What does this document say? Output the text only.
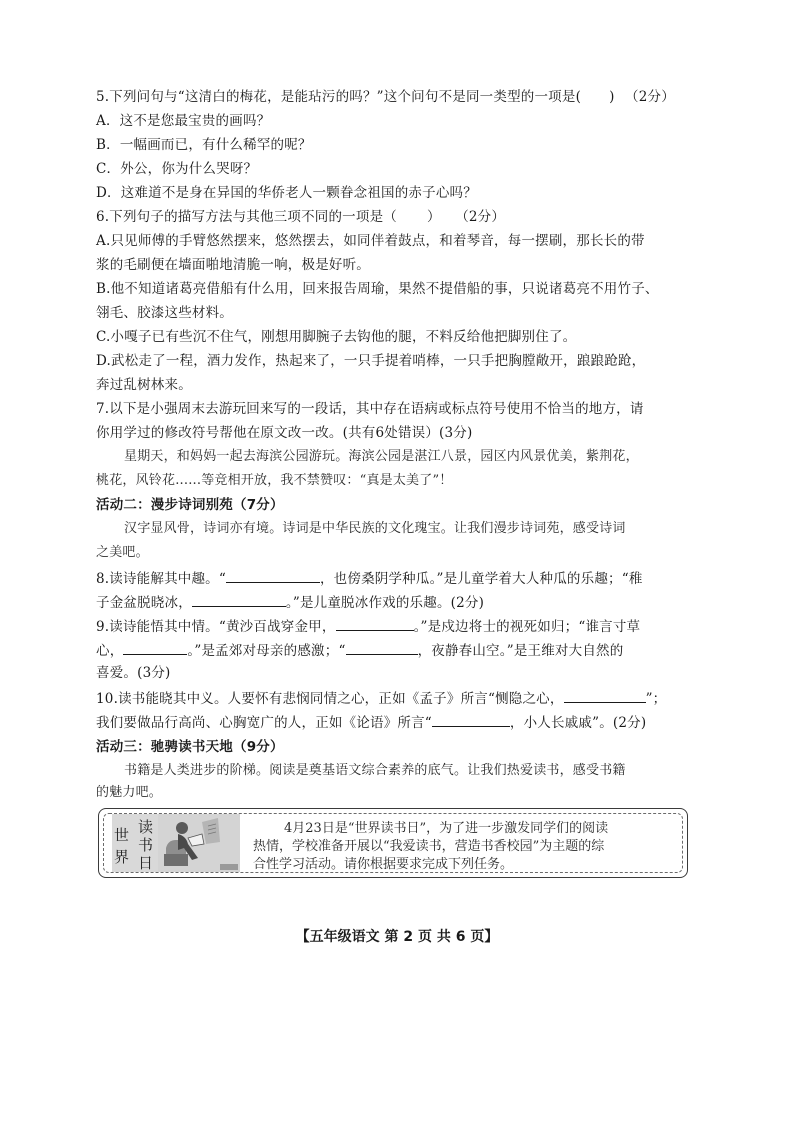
5.下列问句与“这清白的梅花，是能玷污的吗？”这个问句不是同一类型的一项是( ) （2分）
A．这不是您最宝贵的画吗？
B．一幅画而已，有什么稀罕的呢？
C．外公，你为什么哭呀？
D．这难道不是身在异国的华侨老人一颗眷念祖国的赤子心吗？
6.下列句子的描写方法与其他三项不同的一项是（ ） （2分）
A.只见师傅的手臂悠然摆来，悠然摆去，如同伴着鼓点，和着琴音，每一摆刷，那长长的带
浆的毛刷便在墙面啪地清脆一响，极是好听。
B.他不知道诸葛亮借船有什么用，回来报告周瑜，果然不提借船的事，只说诸葛亮不用竹子、
翎毛、胶漆这些材料。
C.小嘎子已有些沉不住气，刚想用脚腕子去钩他的腿，不料反给他把脚别住了。
D.武松走了一程，酒力发作，热起来了，一只手提着哨棒，一只手把胸膛敞开，踉踉跄跄，
奔过乱树林来。
7.以下是小强周末去游玩回来写的一段话，其中存在语病或标点符号使用不恰当的地方，请
你用学过的修改符号帮他在原文改一改。(共有6处错误）(3分)
星期天，和妈妈一起去海滨公园游玩。海滨公园是湛江八景，园区内风景优美，紫荆花，
桃花，风铃花......等竞相开放，我不禁赞叹：“真是太美了”！
活动二：漫步诗词别苑（7分）
汉字显风骨，诗词亦有境。诗词是中华民族的文化瑰宝。让我们漫步诗词苑，感受诗词
之美吧。
8.读诗能解其中趣。“	，也傍桑阴学种瓜。”是儿童学着大人种瓜的乐趣；“稚
子金盆脱晓冰，	。”是儿童脱冰作戏的乐趣。(2分)
9.读诗能悟其中情。“黄沙百战穿金甲，	。”是戍边将士的视死如归；“谁言寸草
心，	。”是孟郊对母亲的感激；“	，夜静春山空。”是王维对大自然的
喜爱。(3分)
10.读书能晓其中义。人要怀有悲悯同情之心，正如《孟子》所言“恻隐之心，	”；
我们要做品行高尚、心胸宽广的人，正如《论语》所言“	，小人长戚戚”。(2分)
活动三：驰骋读书天地（9分）
书籍是人类进步的阶梯。阅读是奠基语文综合素养的底气。让我们热爱读书，感受书籍
的魅力吧。
世
界
读
书
日
4月23日是“世界读书日”，为了进一步激发同学们的阅读
热情，学校准备开展以“我爱读书，营造书香校园”为主题的综
合性学习活动。请你根据要求完成下列任务。
【五年级语文 第 2 页 共 6 页】
